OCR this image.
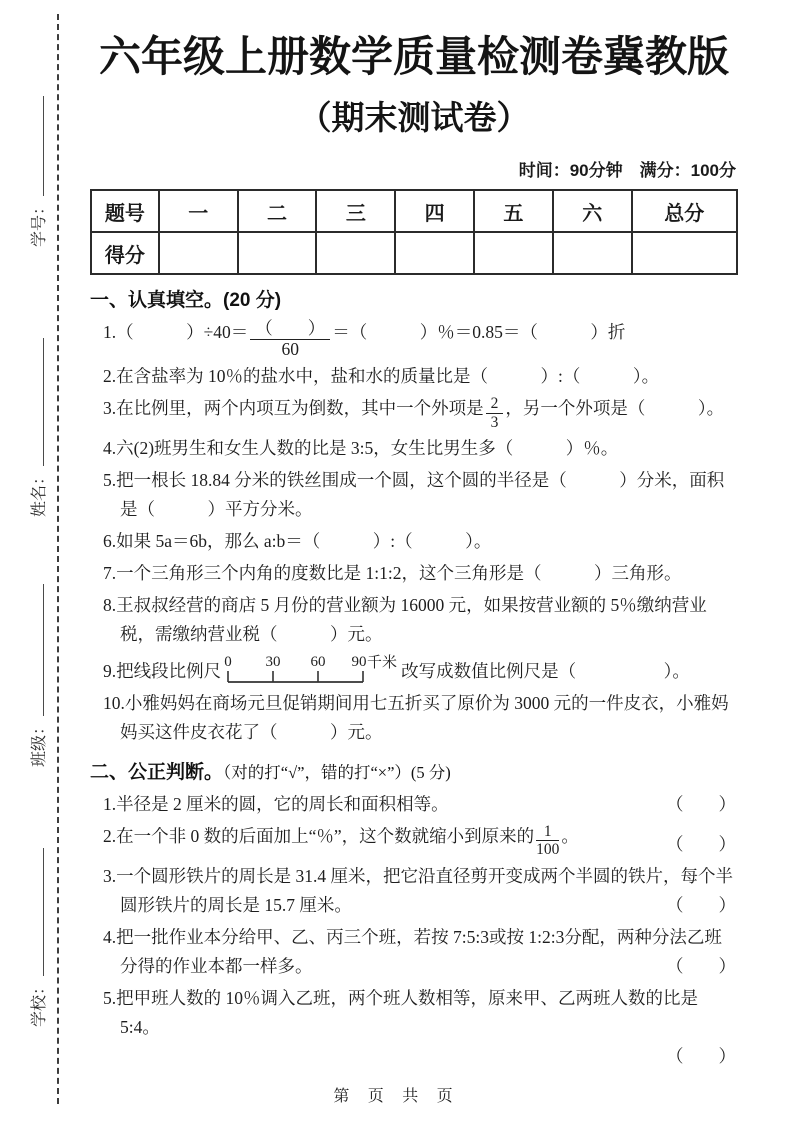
学号：
姓名：
班级：
学校：
六年级上册数学质量检测卷冀教版
（期末测试卷）
时间：90分钟　满分：100分
题号	一	二	三	四	五	六	总分
得分							
一、认真填空。(20 分)
1.（　　　）$\div 40= \frac{( )}{60}$ ＝（　　　）％＝0.85＝（　　　）折
2.在含盐率为 10％的盐水中，盐和水的质量比是（　　　）:（　　　）。
3.在比例里，两个内项互为倒数，其中一个外项是 $\frac{2}{3}$ ，另一个外项是（　　　）。
4.六(2)班男生和女生人数的比是 3:5，女生比男生多（　　　）％。
5.把一根长 18.84 分米的铁丝围成一个圆，这个圆的半径是（　　　）分米，面积是（　　　）平方分米。
6.如果 5a＝6b，那么 a:b＝（　　　）:（　　　）。
7.一个三角形三个内角的度数比是 1:1:2，这个三角形是（　　　）三角形。
8.王叔叔经营的商店 5 月份的营业额为 16000 元，如果按营业额的 5％缴纳营业税，需缴纳营业税（　　　）元。
9.把线段比例尺 0 30 60 90 千米 改写成数值比例尺是（　　　　　）。
10.小雅妈妈在商场元旦促销期间用七五折买了原价为 3000 元的一件皮衣，小雅妈妈买这件皮衣花了（　　　）元。
二、公正判断。（对的打“√”，错的打“×”）(5 分)
1.半径是 2 厘米的圆，它的周长和面积相等。	（　　）
2.在一个非 0 数的后面加上“％”，这个数就缩小到原来的 $\frac{1}{100}$ 。	（　　）
3.一个圆形铁片的周长是 31.4 厘米，把它沿直径剪开变成两个半圆的铁片，每个半圆形铁片的周长是 15.7 厘米。	（　　）
4.把一批作业本分给甲、乙、丙三个班，若按 7:5:3或按 1:2:3分配，两种分法乙班分得的作业本都一样多。	（　　）
5.把甲班人数的 10％调入乙班，两个班人数相等，原来甲、乙两班人数的比是 5:4。
（　　）
第 页 共 页
